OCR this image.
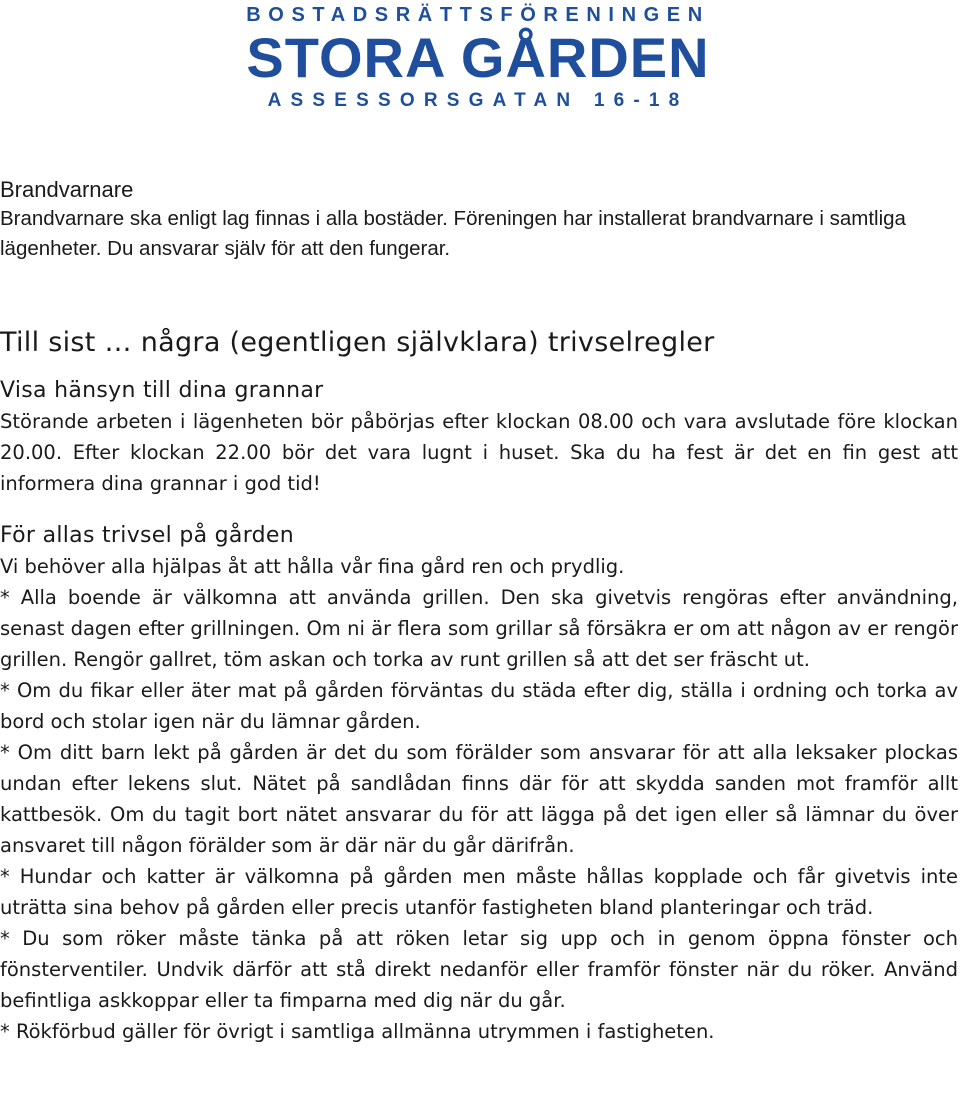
BOSTADSRÄTTSFÖRENINGEN
STORA GÅRDEN
ASSESSORSGATAN 16-18
Brandvarnare
Brandvarnare ska enligt lag finnas i alla bostäder. Föreningen har installerat brandvarnare i samtliga lägenheter. Du ansvarar själv för att den fungerar.
Till sist … några (egentligen självklara) trivselregler
Visa hänsyn till dina grannar
Störande arbeten i lägenheten bör påbörjas efter klockan 08.00 och vara avslutade före klockan 20.00. Efter klockan 22.00 bör det vara lugnt i huset. Ska du ha fest är det en fin gest att informera dina grannar i god tid!
För allas trivsel på gården
Vi behöver alla hjälpas åt att hålla vår fina gård ren och prydlig.
* Alla boende är välkomna att använda grillen. Den ska givetvis rengöras efter användning, senast dagen efter grillningen. Om ni är flera som grillar så försäkra er om att någon av er rengör grillen. Rengör gallret, töm askan och torka av runt grillen så att det ser fräscht ut.
* Om du fikar eller äter mat på gården förväntas du städa efter dig, ställa i ordning och torka av bord och stolar igen när du lämnar gården.
* Om ditt barn lekt på gården är det du som förälder som ansvarar för att alla leksaker plockas undan efter lekens slut. Nätet på sandlådan finns där för att skydda sanden mot framför allt kattbesök. Om du tagit bort nätet ansvarar du för att lägga på det igen eller så lämnar du över ansvaret till någon förälder som är där när du går därifrån.
* Hundar och katter är välkomna på gården men måste hållas kopplade och får givetvis inte uträtta sina behov på gården eller precis utanför fastigheten bland planteringar och träd.
* Du som röker måste tänka på att röken letar sig upp och in genom öppna fönster och fönsterventiler. Undvik därför att stå direkt nedanför eller framför fönster när du röker. Använd befintliga askkoppar eller ta fimparna med dig när du går.
* Rökförbud gäller för övrigt i samtliga allmänna utrymmen i fastigheten.
